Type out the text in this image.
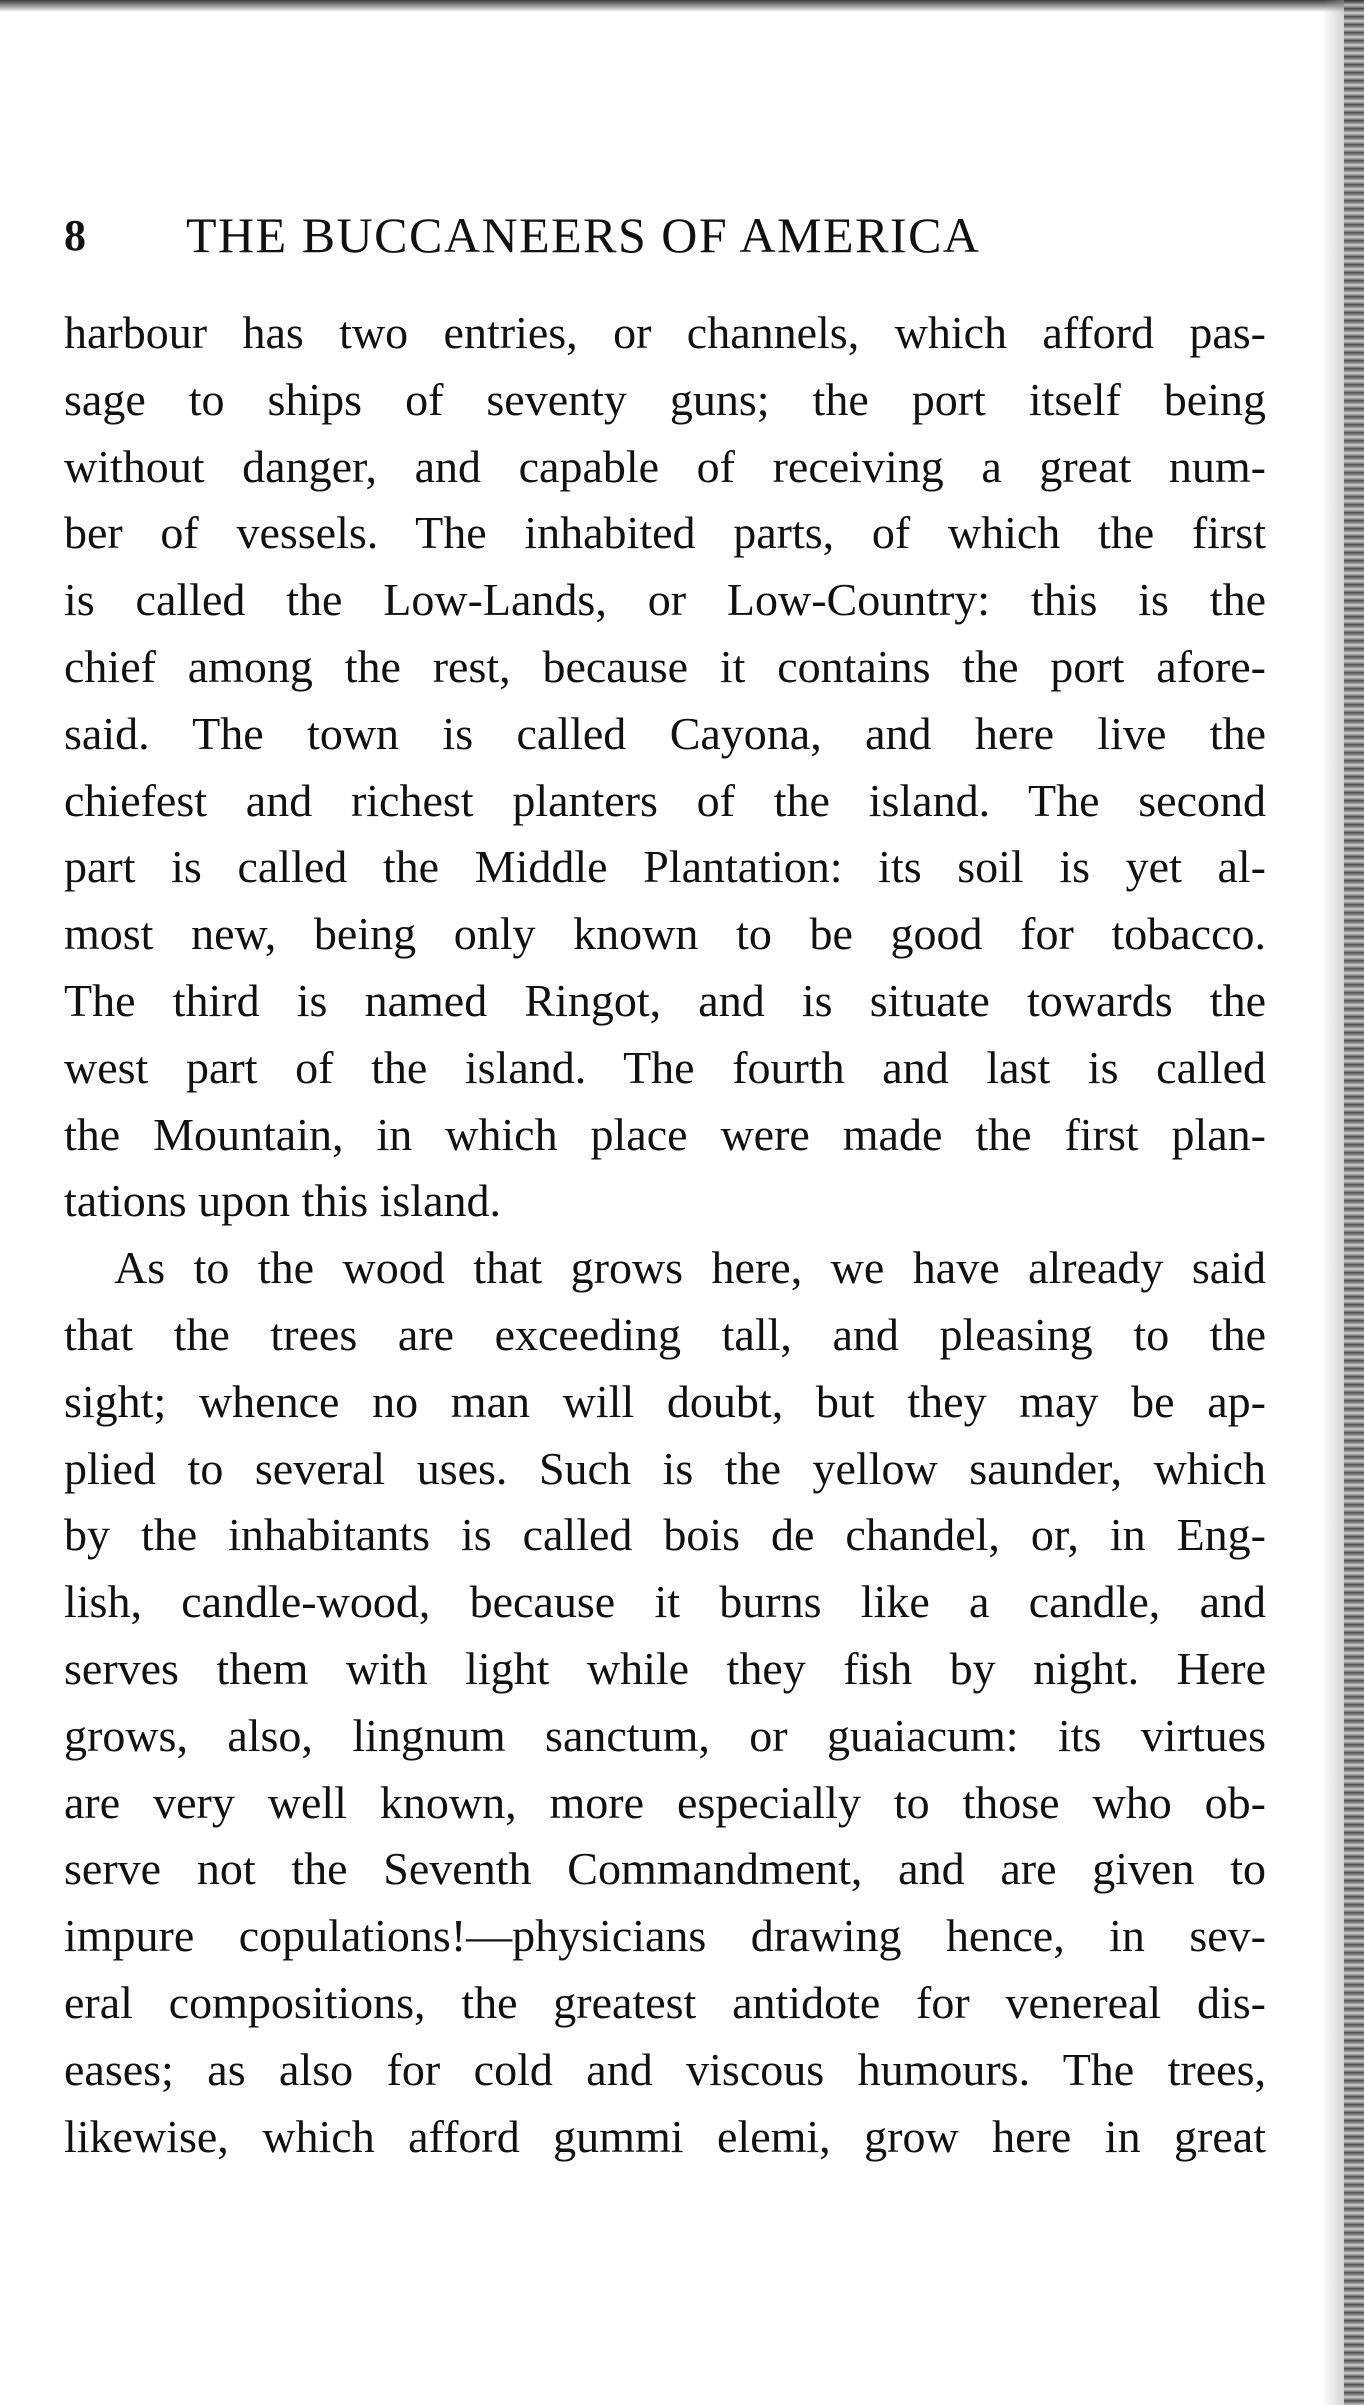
8 THE BUCCANEERS OF AMERICA
harbour has two entries, or channels, which afford pas-
sage to ships of seventy guns; the port itself being
without danger, and capable of receiving a great num-
ber of vessels. The inhabited parts, of which the first
is called the Low-Lands, or Low-Country: this is the
chief among the rest, because it contains the port afore-
said. The town is called Cayona, and here live the
chiefest and richest planters of the island. The second
part is called the Middle Plantation: its soil is yet al-
most new, being only known to be good for tobacco.
The third is named Ringot, and is situate towards the
west part of the island. The fourth and last is called
the Mountain, in which place were made the first plan-
tations upon this island.
As to the wood that grows here, we have already said
that the trees are exceeding tall, and pleasing to the
sight; whence no man will doubt, but they may be ap-
plied to several uses. Such is the yellow saunder, which
by the inhabitants is called bois de chandel, or, in Eng-
lish, candle-wood, because it burns like a candle, and
serves them with light while they fish by night. Here
grows, also, lingnum sanctum, or guaiacum: its virtues
are very well known, more especially to those who ob-
serve not the Seventh Commandment, and are given to
impure copulations!—physicians drawing hence, in sev-
eral compositions, the greatest antidote for venereal dis-
eases; as also for cold and viscous humours. The trees,
likewise, which afford gummi elemi, grow here in great
